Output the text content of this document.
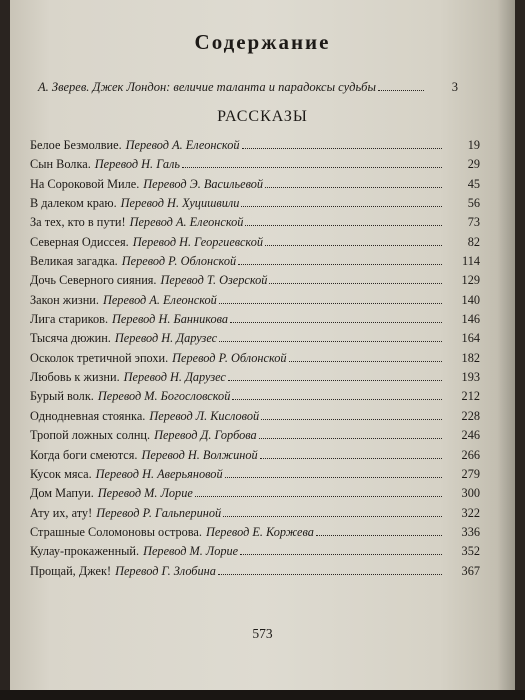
Содержание
А. Зверев. Джек Лондон: величие таланта и парадоксы судьбы	3
РАССКАЗЫ
Белое Безмолвие. Перевод А. Елеонской	19
Сын Волка. Перевод Н. Галь	29
На Сороковой Миле. Перевод Э. Васильевой	45
В далеком краю. Перевод Н. Хуцишвили	56
За тех, кто в пути! Перевод А. Елеонской	73
Северная Одиссея. Перевод Н. Георгиевской	82
Великая загадка. Перевод Р. Облонской	114
Дочь Северного сияния. Перевод Т. Озерской	129
Закон жизни. Перевод А. Елеонской	140
Лига стариков. Перевод Н. Банникова	146
Тысяча дюжин. Перевод Н. Дарузес	164
Осколок третичной эпохи. Перевод Р. Облонской	182
Любовь к жизни. Перевод Н. Дарузес	193
Бурый волк. Перевод М. Богословской	212
Однодневная стоянка. Перевод Л. Кисловой	228
Тропой ложных солнц. Перевод Д. Горбова	246
Когда боги смеются. Перевод Н. Волжиной	266
Кусок мяса. Перевод Н. Аверьяновой	279
Дом Мапуи. Перевод М. Лорие	300
Ату их, ату! Перевод Р. Гальпериной	322
Страшные Соломоновы острова. Перевод Е. Коржева	336
Кулау-прокаженный. Перевод М. Лорие	352
Прощай, Джек! Перевод Г. Злобина	367
573
